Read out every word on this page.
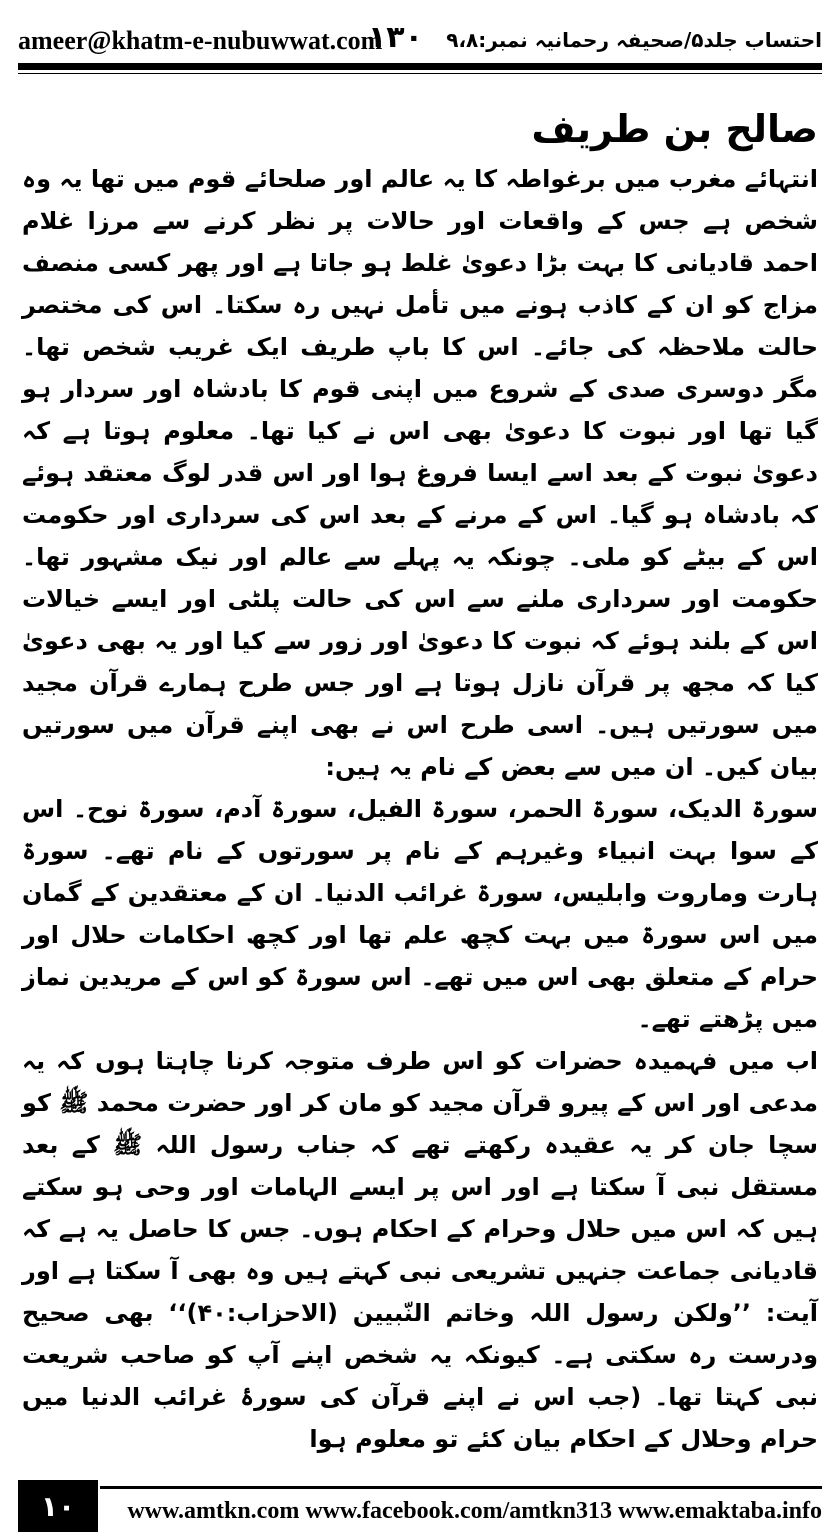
ameer@khatm-e-nubuwwat.com
۱۳۰ احتساب جلد۵/صحیفہ رحمانیہ نمبر:۹،۸
صالح بن طریف

انتہائے مغرب میں برغواطہ کا یہ عالم اور صلحائے قوم میں تھا یہ وہ شخص ہے جس کے واقعات اور حالات پر نظر کرنے سے مرزا غلام احمد قادیانی کا بہت بڑا دعویٰ غلط ہو جاتا ہے اور پھر کسی منصف مزاج کو ان کے کاذب ہونے میں تأمل نہیں رہ سکتا۔ اس کی مختصر حالت ملاحظہ کی جائے۔ اس کا باپ طریف ایک غریب شخص تھا۔ مگر دوسری صدی کے شروع میں اپنی قوم کا بادشاہ اور سردار ہو گیا تھا اور نبوت کا دعویٰ بھی اس نے کیا تھا۔ معلوم ہوتا ہے کہ دعویٰ نبوت کے بعد اسے ایسا فروغ ہوا اور اس قدر لوگ معتقد ہوئے کہ بادشاہ ہو گیا۔ اس کے مرنے کے بعد اس کی سرداری اور حکومت اس کے بیٹے کو ملی۔ چونکہ یہ پہلے سے عالم اور نیک مشہور تھا۔ حکومت اور سرداری ملنے سے اس کی حالت پلٹی اور ایسے خیالات اس کے بلند ہوئے کہ نبوت کا دعویٰ اور زور سے کیا اور یہ بھی دعویٰ کیا کہ مجھ پر قرآن نازل ہوتا ہے اور جس طرح ہمارے قرآن مجید میں سورتیں ہیں۔ اسی طرح اس نے بھی اپنے قرآن میں سورتیں بیان کیں۔ ان میں سے بعض کے نام یہ ہیں:

سورۃ الدیک، سورۃ الحمر، سورۃ الفیل، سورۃ آدم، سورۃ نوح۔ اس کے سوا بہت انبیاء وغیرہم کے نام پر سورتوں کے نام تھے۔ سورۃ ہارت وماروت وابلیس، سورۃ غرائب الدنیا۔ ان کے معتقدین کے گمان میں اس سورۃ میں بہت کچھ علم تھا اور کچھ احکامات حلال اور حرام کے متعلق بھی اس میں تھے۔ اس سورۃ کو اس کے مریدین نماز میں پڑھتے تھے۔

اب میں فہمیدہ حضرات کو اس طرف متوجہ کرنا چاہتا ہوں کہ یہ مدعی اور اس کے پیرو قرآن مجید کو مان کر اور حضرت محمد ﷺ کو سچا جان کر یہ عقیدہ رکھتے تھے کہ جناب رسول اللہ ﷺ کے بعد مستقل نبی آ سکتا ہے اور اس پر ایسے الہامات اور وحی ہو سکتے ہیں کہ اس میں حلال وحرام کے احکام ہوں۔ جس کا حاصل یہ ہے کہ قادیانی جماعت جنہیں تشریعی نبی کہتے ہیں وہ بھی آ سکتا ہے اور آیت: ’’ولکن رسول اللہ وخاتم النّبیین (الاحزاب:۴۰)‘‘ بھی صحیح ودرست رہ سکتی ہے۔ کیونکہ یہ شخص اپنے آپ کو صاحب شریعت نبی کہتا تھا۔ (جب اس نے اپنے قرآن کی سورۂ غرائب الدنیا میں حرام وحلال کے احکام بیان کئے تو معلوم ہوا

۱۰	www.amtkn.com www.facebook.com/amtkn313 www.emaktaba.info
